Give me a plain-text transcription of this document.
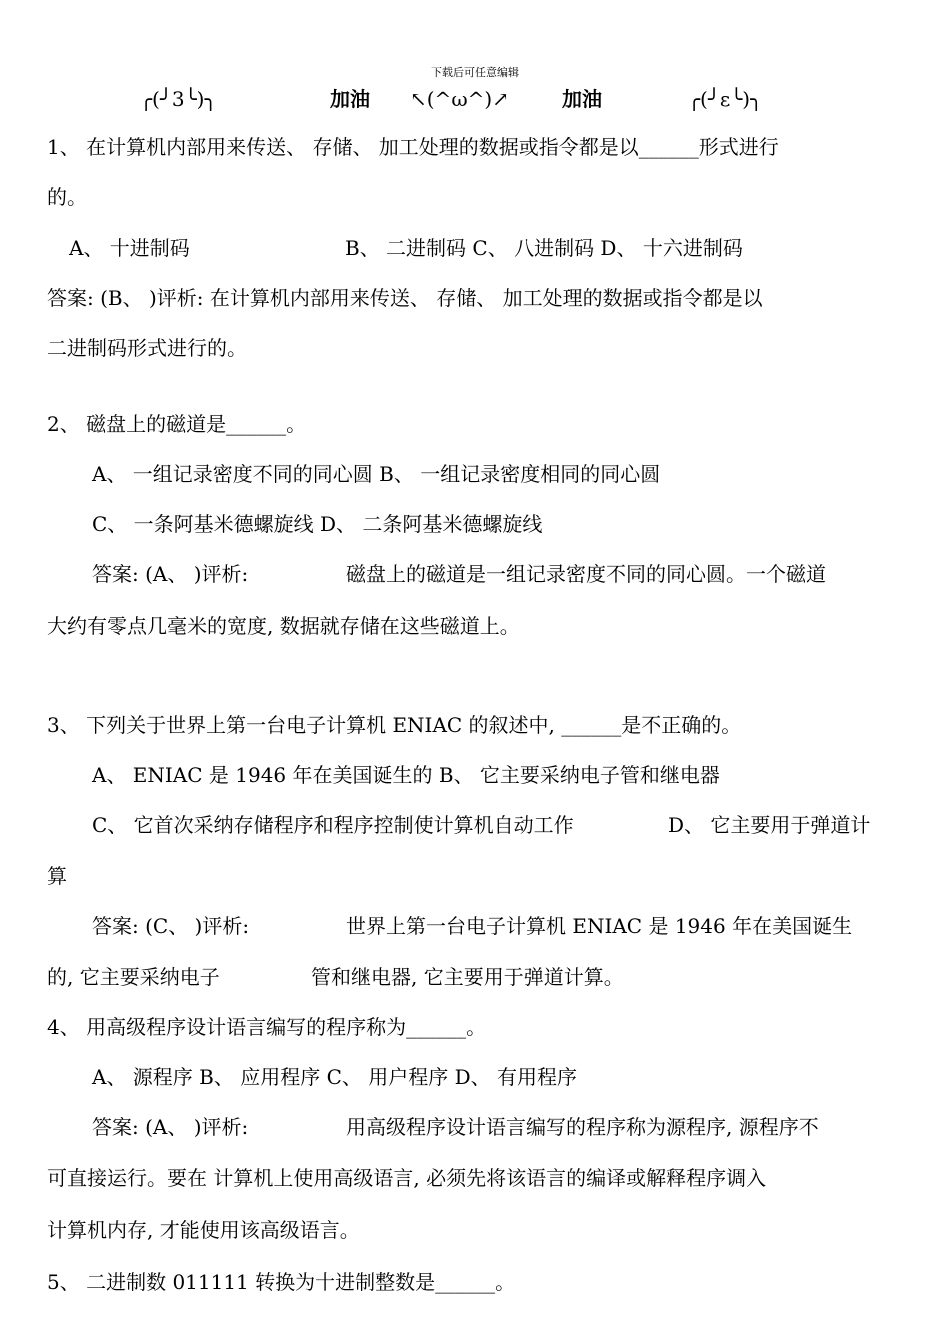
下载后可任意编辑
╭(╯3╰)╮	加油 ↖(^ω^)↗	加油	╭(╯ε╰)╮
1、 在计算机内部用来传送、 存储、 加工处理的数据或指令都是以______形式进行
的。
A、 十进制码	B、 二进制码 C、 八进制码 D、 十六进制码
答案: (B、 )评析: 在计算机内部用来传送、 存储、 加工处理的数据或指令都是以
二进制码形式进行的。
2、 磁盘上的磁道是______。
A、 一组记录密度不同的同心圆 B、 一组记录密度相同的同心圆
C、 一条阿基米德螺旋线 D、 二条阿基米德螺旋线
答案: (A、 )评析:	磁盘上的磁道是一组记录密度不同的同心圆。一个磁道
大约有零点几毫米的宽度, 数据就存储在这些磁道上。
3、 下列关于世界上第一台电子计算机 ENIAC 的叙述中, ______是不正确的。
A、 ENIAC 是 1946 年在美国诞生的 B、 它主要采纳电子管和继电器
C、 它首次采纳存储程序和程序控制使计算机自动工作	D、 它主要用于弹道计
算
答案: (C、 )评析:	世界上第一台电子计算机 ENIAC 是 1946 年在美国诞生
的, 它主要采纳电子	管和继电器, 它主要用于弹道计算。
4、 用高级程序设计语言编写的程序称为______。
A、 源程序 B、 应用程序 C、 用户程序 D、 有用程序
答案: (A、 )评析:	用高级程序设计语言编写的程序称为源程序, 源程序不
可直接运行。要在 计算机上使用高级语言, 必须先将该语言的编译或解释程序调入
计算机内存, 才能使用该高级语言。
5、 二进制数 011111 转换为十进制整数是______。
